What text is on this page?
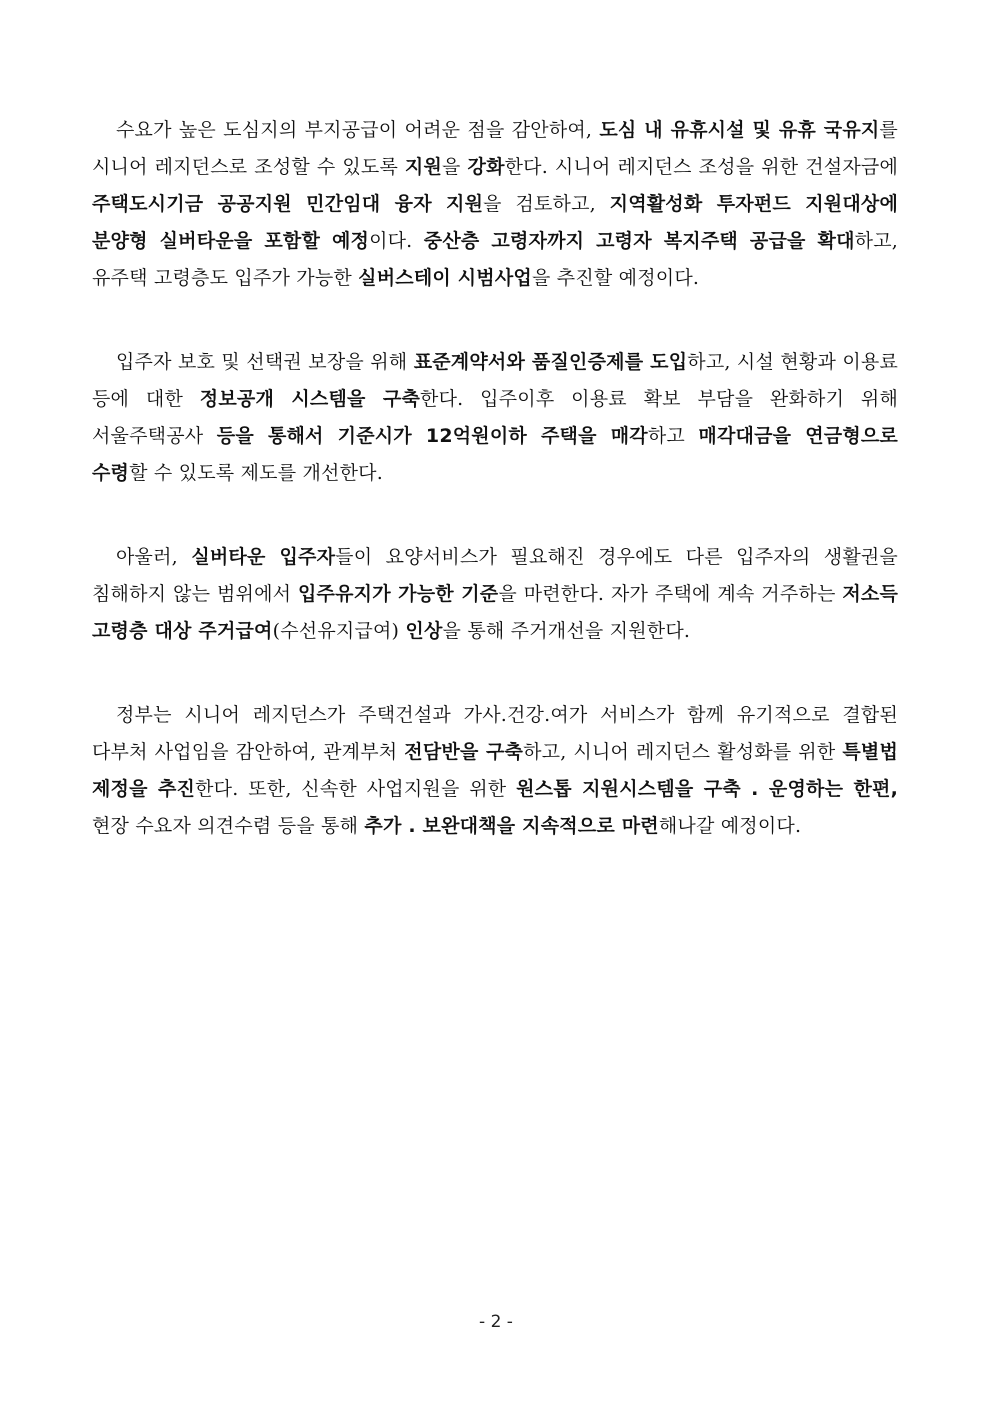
수요가 높은 도심지의 부지공급이 어려운 점을 감안하여, 도심 내 유휴시설 및 유휴 국유지를 시니어 레지던스로 조성할 수 있도록 지원을 강화한다. 시니어 레지던스 조성을 위한 건설자금에 주택도시기금 공공지원 민간임대 융자 지원을 검토하고, 지역활성화 투자펀드 지원대상에 분양형 실버타운을 포함할 예정이다. 중산층 고령자까지 고령자 복지주택 공급을 확대하고, 유주택 고령층도 입주가 가능한 실버스테이 시범사업을 추진할 예정이다.

입주자 보호 및 선택권 보장을 위해 표준계약서와 품질인증제를 도입하고, 시설 현황과 이용료 등에 대한 정보공개 시스템을 구축한다. 입주이후 이용료 확보 부담을 완화하기 위해 서울주택공사 등을 통해서 기준시가 12억원이하 주택을 매각하고 매각대금을 연금형으로 수령할 수 있도록 제도를 개선한다.

아울러, 실버타운 입주자들이 요양서비스가 필요해진 경우에도 다른 입주자의 생활권을 침해하지 않는 범위에서 입주유지가 가능한 기준을 마련한다. 자가 주택에 계속 거주하는 저소득 고령층 대상 주거급여(수선유지급여) 인상을 통해 주거개선을 지원한다.

정부는 시니어 레지던스가 주택건설과 가사.건강.여가 서비스가 함께 유기적으로 결합된 다부처 사업임을 감안하여, 관계부처 전담반을 구축하고, 시니어 레지던스 활성화를 위한 특별법 제정을 추진한다. 또한, 신속한 사업지원을 위한 원스톱 지원시스템을 구축 . 운영하는 한편, 현장 수요자 의견수렴 등을 통해 추가 . 보완대책을 지속적으로 마련해나갈 예정이다.

- 2 -
